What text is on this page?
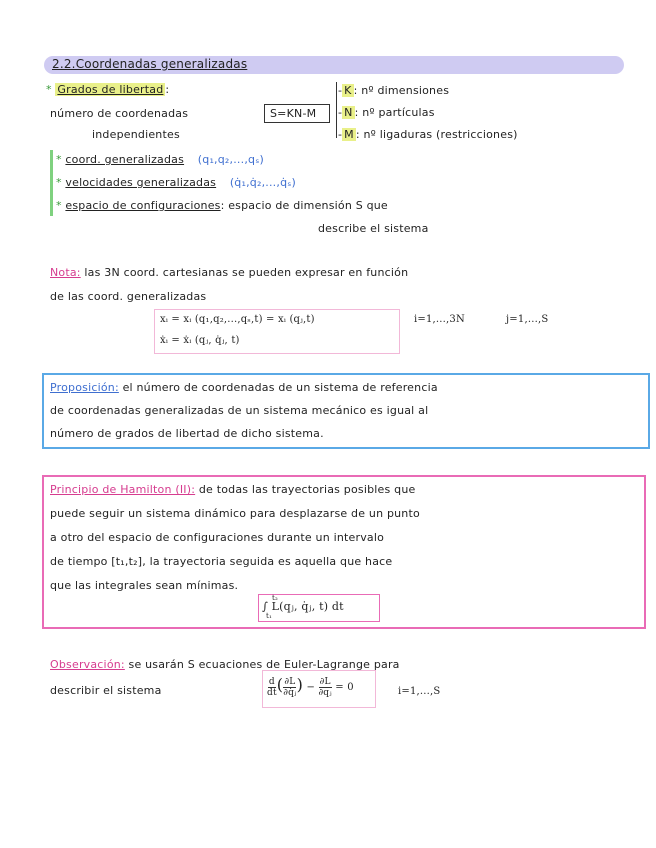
2.2.Coordenadas generalizadas
* Grados de libertad :
número de coordenadas
independientes
S=KN-M
- K : nº dimensiones
- N : nº partículas
- M : nº ligaduras (restricciones)
* coord. generalizadas (q₁,q₂,...,qₛ)
* velocidades generalizadas (q̇₁,q̇₂,...,q̇ₛ)
* espacio de configuraciones: espacio de dimensión S que
describe el sistema
Nota: las 3N coord. cartesianas se pueden expresar en función
de las coord. generalizadas
xᵢ = xᵢ (q₁,q₂,...,qₛ,t) = xᵢ (qⱼ,t)
ẋᵢ = ẋᵢ (qⱼ, q̇ⱼ, t)
i=1,...,3N	j=1,...,S
Proposición: el número de coordenadas de un sistema de referencia
de coordenadas generalizadas de un sistema mecánico es igual al
número de grados de libertad de dicho sistema.
Principio de Hamilton (II): de todas las trayectorias posibles que
puede seguir un sistema dinámico para desplazarse de un punto
a otro del espacio de configuraciones durante un intervalo
de tiempo [t₁,t₂], la trayectoria seguida es aquella que hace
que las integrales sean mínimas.
t₂
t₁
∫ L(qⱼ, q̇ⱼ, t) dt
Observación: se usarán S ecuaciones de Euler-Lagrange para
describir el sistema	$\frac{d}{dt}$ ( $\frac{\partial L}{\text{∂q̇ⱼ}}$ ) − $\frac{\partial L}{\text{∂qⱼ}} = 0$	i=1,...,S
